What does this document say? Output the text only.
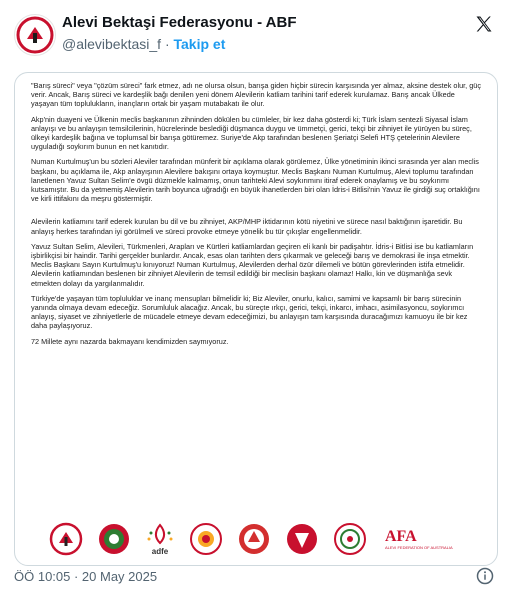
Alevi Bektaşi Federasyonu - ABF
@alevibektasi_f · Takip et

"Barış süreci" veya "çözüm süreci" fark etmez, adı ne olursa olsun, barışa giden hiçbir sürecin karşısında yer almaz, aksine destek olur, güç verir. Ancak, Barış süreci ve kardeşlik bağı denilen yeni dönem Alevilerin katliam tarihini tarif ederek kurulamaz. Barış ancak Ülkede yaşayan tüm toplulukların, inançların ortak bir yaşam mutabakatı ile olur.

Akp'nin duayeni ve Ülkenin meclis başkanının zihninden dökülen bu cümleler, bir kez daha gösterdi ki; Türk İslam sentezli Siyasal İslam anlayışı ve bu anlayışın temsilcilerinin, hücrelerinde beslediği düşmanca duygu ve ümmetçi, gerici, tekçi bir zihniyet ile yürüyen bu süreç, ülkeyi kardeşlik bağına ve toplumsal bir barışa götüremez. Suriye'de Akp tarafından beslenen Şeriatçi Selefi HTŞ çetelerinin Alevilere uyguladığı soykırım bunun en net kanıtıdır.

Numan Kurtulmuş'un bu sözleri Aleviler tarafından münferit bir açıklama olarak görülemez, Ülke yönetiminin ikinci sırasında yer alan meclis başkanı, bu açıklama ile, Akp anlayışının Alevilere bakışını ortaya koymuştur. Meclis Başkanı Numan Kurtulmuş, Alevi toplumu tarafından lanetlenen Yavuz Sultan Selim'e övgü düzmekle kalmamış, onun tarihteki Alevi soykırımını itiraf ederek onaylamış ve bu soykırımı kutsamıştır. Bu da yetmemiş Alevilerin tarih boyunca uğradığı en büyük ihanetlerden biri olan İdris-i Bitlisi'nin Yavuz ile girdiği suç ortaklığını ve kirli ittifakını da meşru göstermiştir.

Alevilerin katliamını tarif ederek kurulan bu dil ve bu zihniyet, AKP/MHP iktidarının kötü niyetini ve sürece nasıl baktığının işaretidir. Bu anlayış herkes tarafından iyi görülmeli ve süreci provoke etmeye yönelik bu tür çıkışlar engellenmelidir.

Yavuz Sultan Selim, Alevileri, Türkmenleri, Arapları ve Kürtleri katliamlardan geçiren eli kanlı bir padişahtır. İdris-i Bitlisi ise bu katliamların işbirlikçisi bir haindir. Tarihi gerçekler bunlardır. Ancak, esas olan tarihten ders çıkarmak ve geleceği barış ve demokrasi ile inşa etmektir. Meclis Başkanı Sayın Kurtulmuş'u kınıyoruz! Numan Kurtulmuş, Alevilerden derhal özür dilemeli ve bütün görevlerinden istifa etmelidir. Alevilerin katliamından beslenen bir zihniyet Alevilerin de temsil edildiği bir meclisin başkanı olamaz! Halkı, kin ve düşmanlığa sevk etmekten dolayı da yargılanmalıdır.

Türkiye'de yaşayan tüm topluluklar ve inanç mensupları bilmelidir ki; Biz Aleviler, onurlu, kalıcı, samimi ve kapsamlı bir barış sürecinin yanında olmaya devam edeceğiz. Sorumluluk alacağız. Ancak, bu süreçte ırkçı, gerici, tekçi, inkarcı, imhacı, asimilasyoncu, soykırımcı anlayış, siyaset ve zihniyetlerle de mücadele etmeye devam edeceğimizi, bu anlayışın tam karşısında duracağımızı kamuoyu ile bir kez daha paylaşıyoruz.

72 Millete aynı nazarda bakmayanı kendimizden saymıyoruz.

adfe
AFA
ALEVI FEDERATION OF AUSTRALIA
ÖÖ 10:05 · 20 May 2025
